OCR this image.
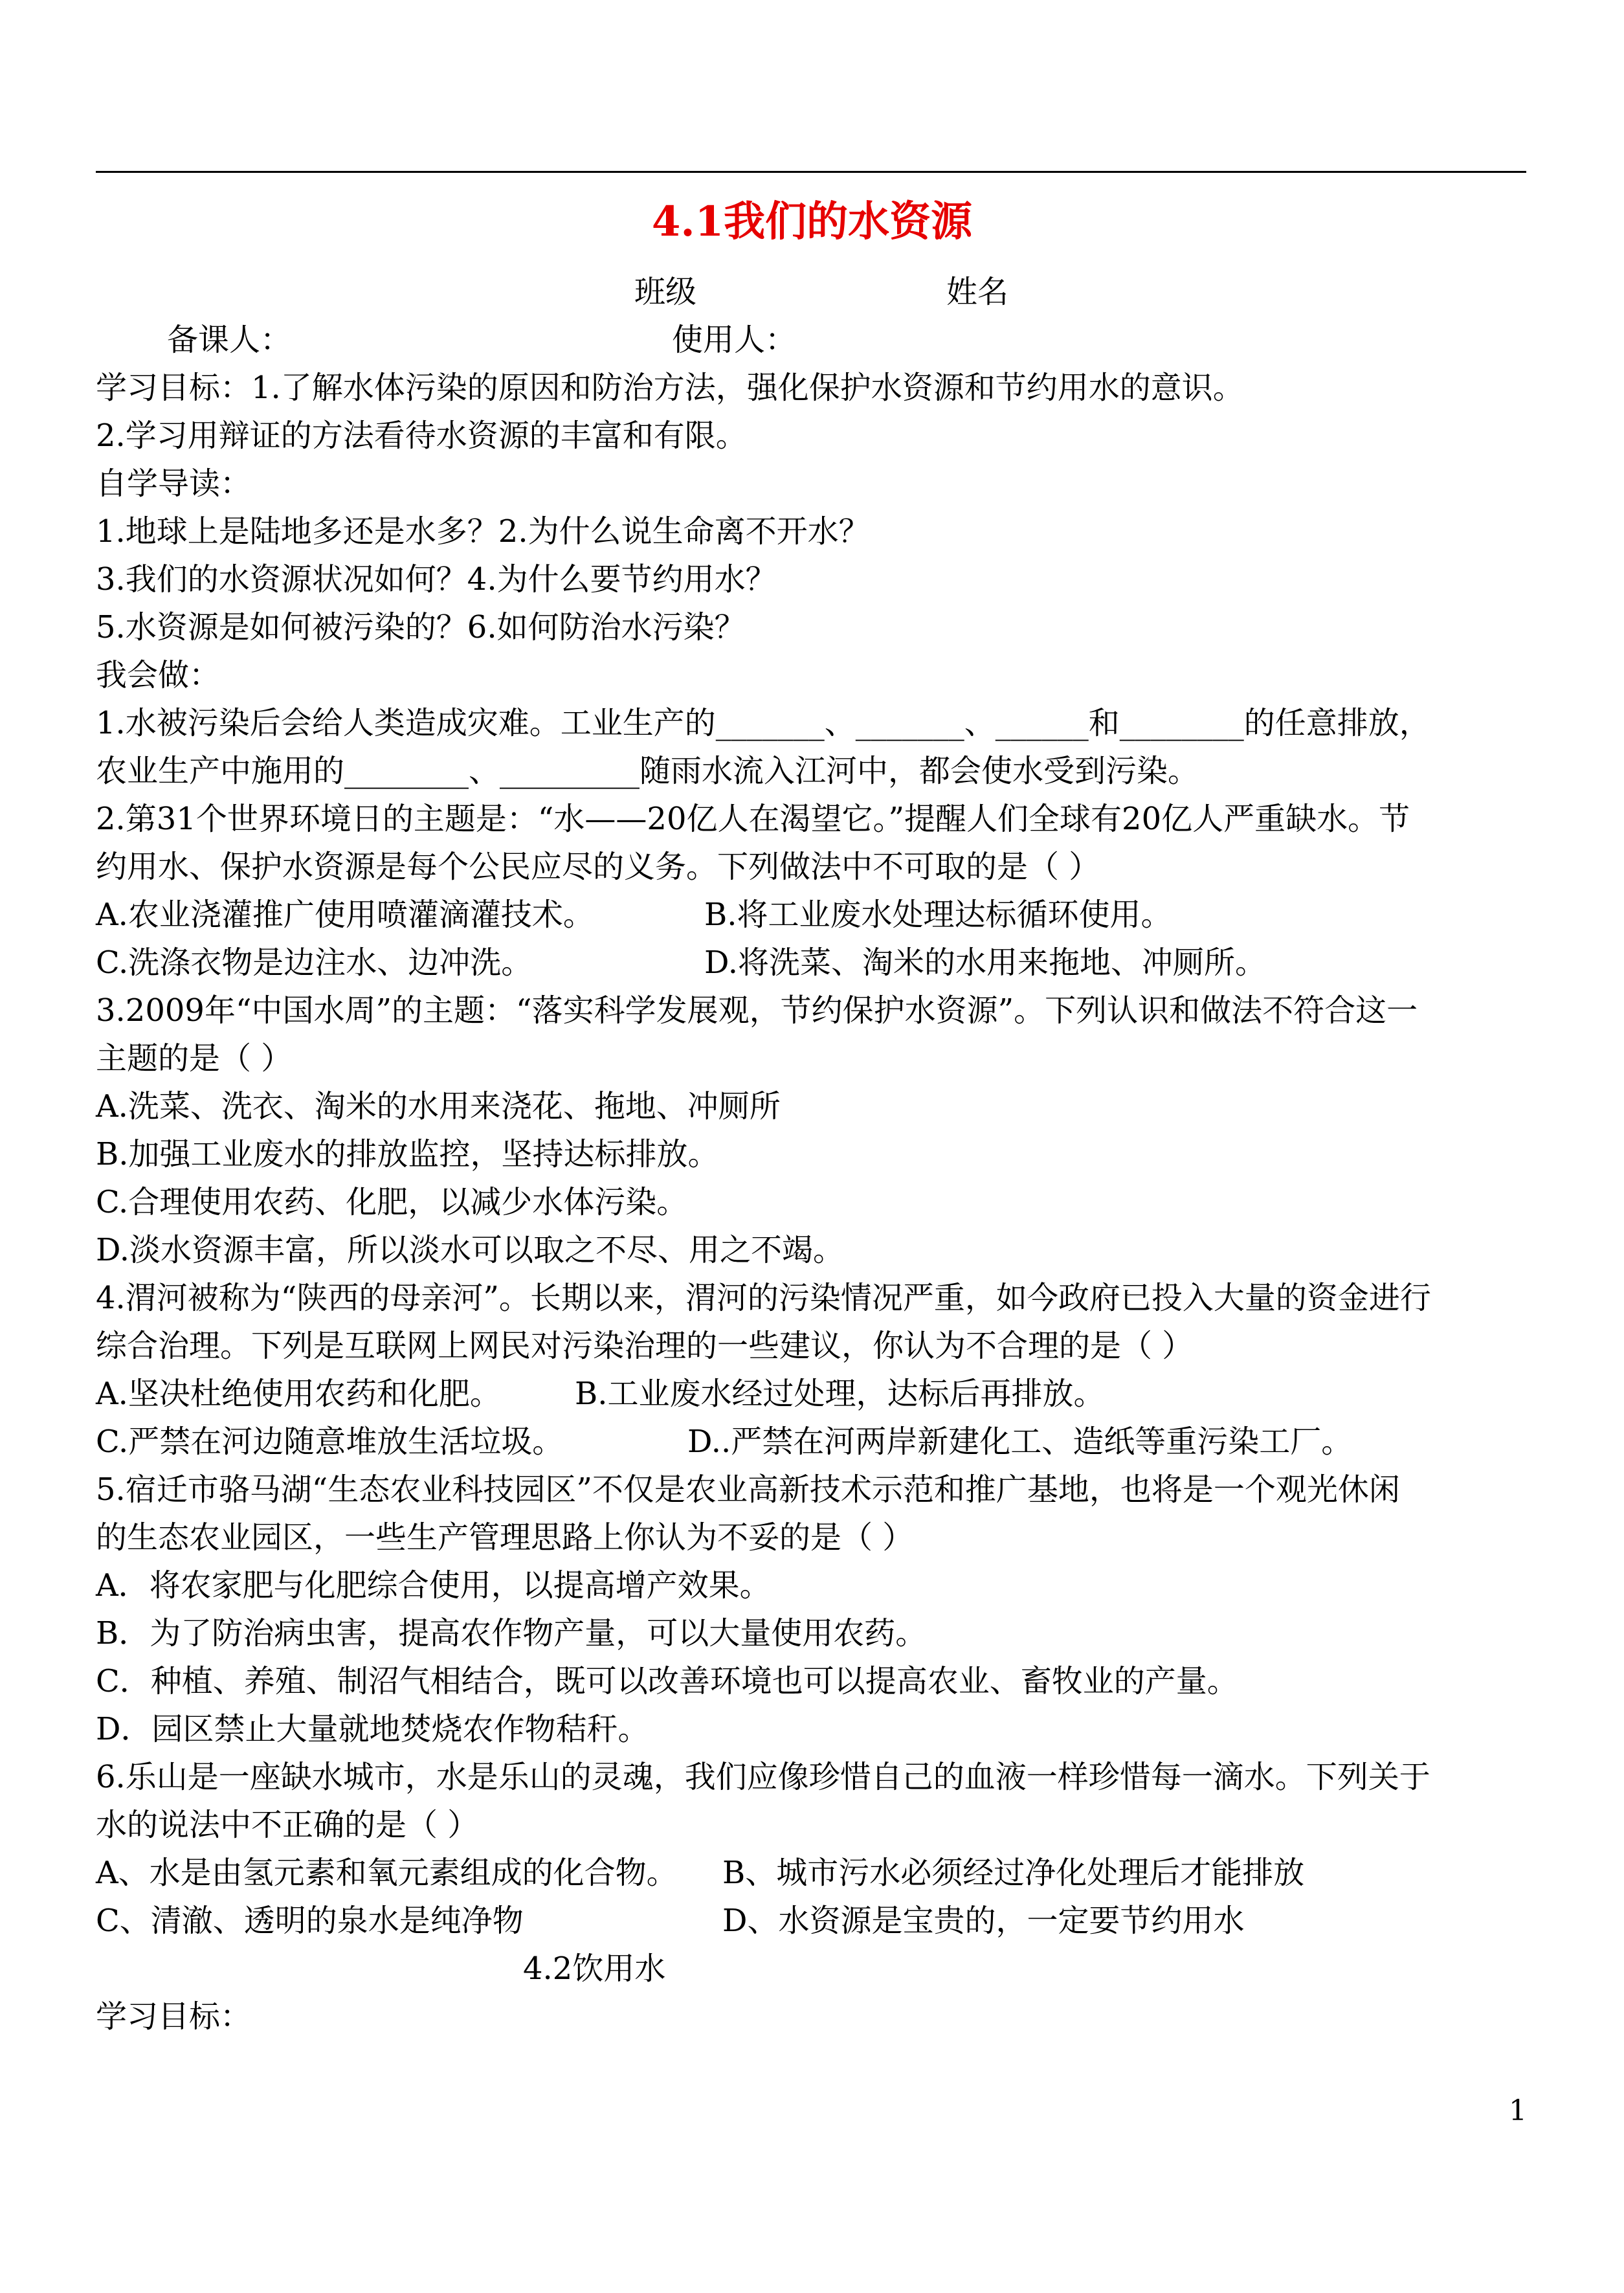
4.1我们的水资源
班级	姓名
备课人：	使用人：
学习目标：1.了解水体污染的原因和防治方法，强化保护水资源和节约用水的意识。
2.学习用辩证的方法看待水资源的丰富和有限。
自学导读：
1.地球上是陆地多还是水多？2.为什么说生命离不开水？
3.我们的水资源状况如何？4.为什么要节约用水？
5.水资源是如何被污染的？6.如何防治水污染？
我会做：
1.水被污染后会给人类造成灾难。工业生产的_______、_______、______和________的任意排放，
农业生产中施用的________、_________随雨水流入江河中，都会使水受到污染。
2.第31个世界环境日的主题是：“水——20亿人在渴望它。”提醒人们全球有20亿人严重缺水。节
约用水、保护水资源是每个公民应尽的义务。下列做法中不可取的是（ ）
A.农业浇灌推广使用喷灌滴灌技术。	B.将工业废水处理达标循环使用。
C.洗涤衣物是边注水、边冲洗。	D.将洗菜、淘米的水用来拖地、冲厕所。
3.2009年“中国水周”的主题：“落实科学发展观，节约保护水资源”。下列认识和做法不符合这一
主题的是（ ）
A.洗菜、洗衣、淘米的水用来浇花、拖地、冲厕所
B.加强工业废水的排放监控，坚持达标排放。
C.合理使用农药、化肥，以减少水体污染。
D.淡水资源丰富，所以淡水可以取之不尽、用之不竭。
4.渭河被称为“陕西的母亲河”。长期以来，渭河的污染情况严重，如今政府已投入大量的资金进行
综合治理。下列是互联网上网民对污染治理的一些建议，你认为不合理的是（ ）
A.坚决杜绝使用农药和化肥。 B.工业废水经过处理，达标后再排放。
C.严禁在河边随意堆放生活垃圾。	D..严禁在河两岸新建化工、造纸等重污染工厂。
5.宿迁市骆马湖“生态农业科技园区”不仅是农业高新技术示范和推广基地，也将是一个观光休闲
的生态农业园区，一些生产管理思路上你认为不妥的是（ ）
A．将农家肥与化肥综合使用，以提高增产效果。
B．为了防治病虫害，提高农作物产量，可以大量使用农药。
C．种植、养殖、制沼气相结合，既可以改善环境也可以提高农业、畜牧业的产量。
D．园区禁止大量就地焚烧农作物秸秆。
6.乐山是一座缺水城市，水是乐山的灵魂，我们应像珍惜自己的血液一样珍惜每一滴水。下列关于
水的说法中不正确的是（ ）
A、水是由氢元素和氧元素组成的化合物。 B、城市污水必须经过净化处理后才能排放
C、清澈、透明的泉水是纯净物	D、水资源是宝贵的，一定要节约用水
4.2饮用水
学习目标：
1
